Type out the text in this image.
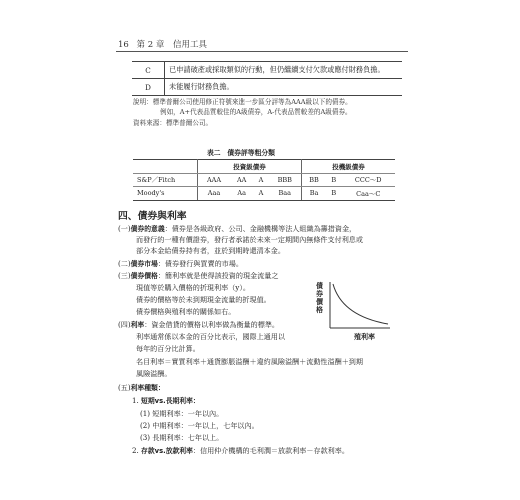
16 第 2 章 信用工具
C	已申請破產或採取類似的行動，但仍繼續支付欠款或應付財務負擔。
D	未能履行財務負擔。
說明：標準普爾公司使用修正符號來進一步區分評等為AAA級以下的債券。
例如，A+代表品質較佳的A級債券，A-代表品質較差的A級債券。
資料來源：標準普爾公司。
表二　債券評等粗分類
	投資級債券				投機級債券		
S&P／Fitch	AAA	AA	A	BBB	BB	B	CCC～D
Moody's	Aaa	Aa	A	Baa	Ba	B	Caa～C
四、債券與利率
(一)債券的意義：債券是各級政府、公司、金融機構等法人組織為籌措資金，
而發行的一種有價證券，發行者承諾於未來一定期間內無條件支付利息或
部分本金給債券持有者，並於到期時還清本金。
(二)債券市場：債券發行與買賣的市場。
(三)債券價格：簡利率就是使得該投資的現金流量之
現值等於購入價格的折現利率（y）。
債券的價格等於未到期現金流量的折現值。
債券價格與殖利率的關係如右。
債券價格
殖利率
(四)利率：資金借貸的價格以利率做為衡量的標準。
利率通常係以本金的百分比表示，國際上通用以
每年的百分比計算。
名目利率＝實質利率＋通貨膨脹溢酬＋違約風險溢酬＋流動性溢酬＋到期
風險溢酬。
(五)利率種類：
1. 短期vs.長期利率：
(1) 短期利率：一年以內。
(2) 中期利率：一年以上，七年以內。
(3) 長期利率：七年以上。
2. 存款vs.放款利率：信用仲介機構的毛利潤＝放款利率－存款利率。
